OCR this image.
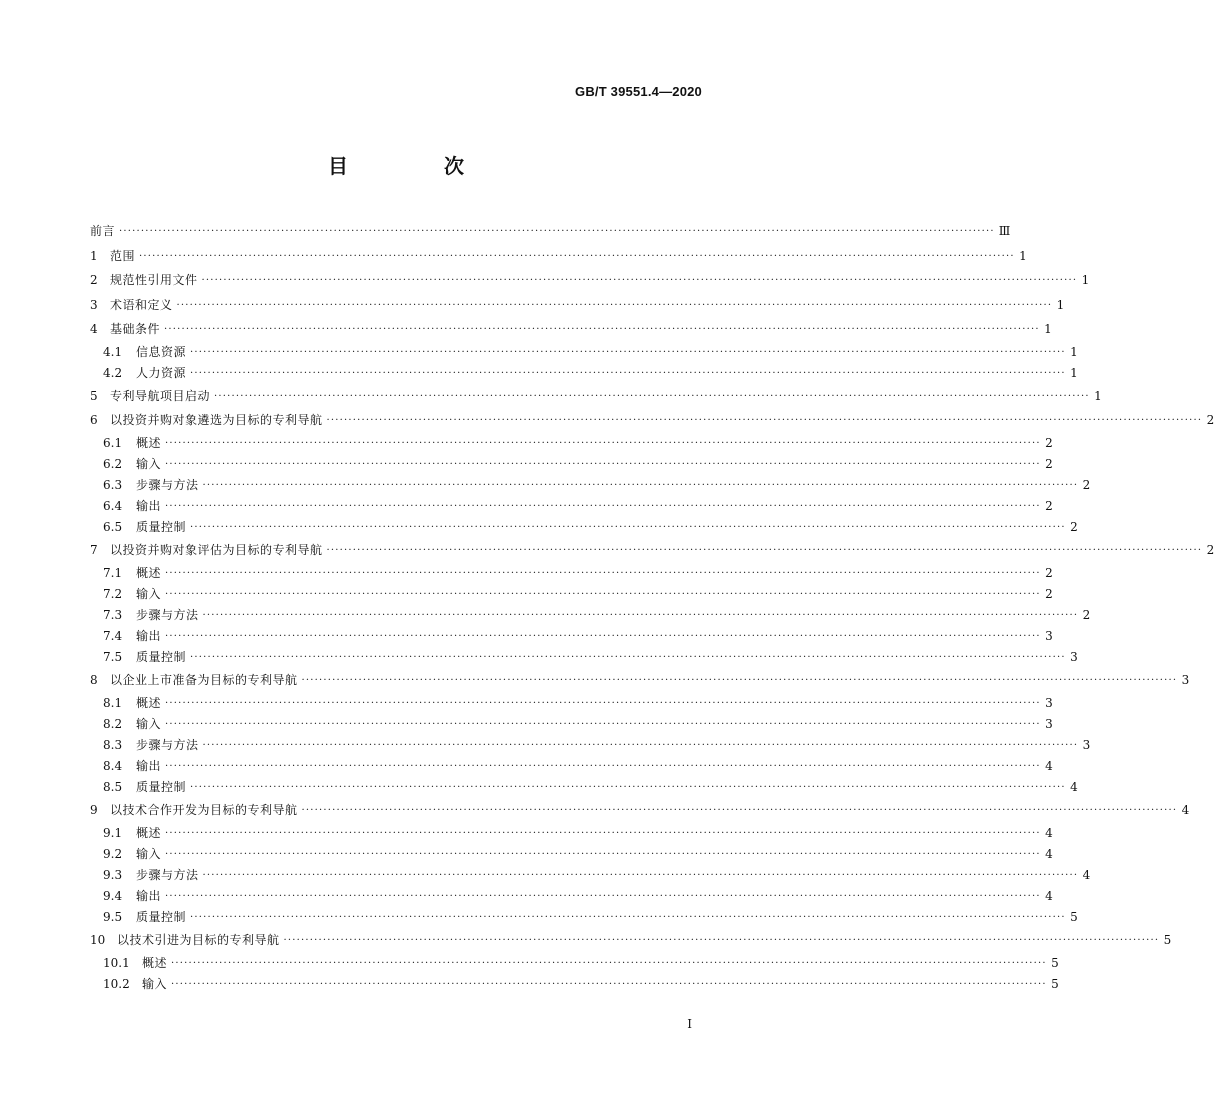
GB/T 39551.4—2020
目　次
前言 ········································································································································································································ Ⅲ
1	范围 ········································································································································································································ 1
2	规范性引用文件 ········································································································································································································ 1
3	术语和定义 ········································································································································································································ 1
4	基础条件 ········································································································································································································ 1
4.1	信息资源 ········································································································································································································ 1
4.2	人力资源 ········································································································································································································ 1
5	专利导航项目启动 ········································································································································································································ 1
6	以投资并购对象遴选为目标的专利导航 ········································································································································································································ 2
6.1	概述 ········································································································································································································ 2
6.2	输入 ········································································································································································································ 2
6.3	步骤与方法 ········································································································································································································ 2
6.4	输出 ········································································································································································································ 2
6.5	质量控制 ········································································································································································································ 2
7	以投资并购对象评估为目标的专利导航 ········································································································································································································ 2
7.1	概述 ········································································································································································································ 2
7.2	输入 ········································································································································································································ 2
7.3	步骤与方法 ········································································································································································································ 2
7.4	输出 ········································································································································································································ 3
7.5	质量控制 ········································································································································································································ 3
8	以企业上市准备为目标的专利导航 ········································································································································································································ 3
8.1	概述 ········································································································································································································ 3
8.2	输入 ········································································································································································································ 3
8.3	步骤与方法 ········································································································································································································ 3
8.4	输出 ········································································································································································································ 4
8.5	质量控制 ········································································································································································································ 4
9	以技术合作开发为目标的专利导航 ········································································································································································································ 4
9.1	概述 ········································································································································································································ 4
9.2	输入 ········································································································································································································ 4
9.3	步骤与方法 ········································································································································································································ 4
9.4	输出 ········································································································································································································ 4
9.5	质量控制 ········································································································································································································ 5
10 以技术引进为目标的专利导航 ········································································································································································································ 5
10.1	概述 ········································································································································································································ 5
10.2	输入 ········································································································································································································ 5
Ⅰ
